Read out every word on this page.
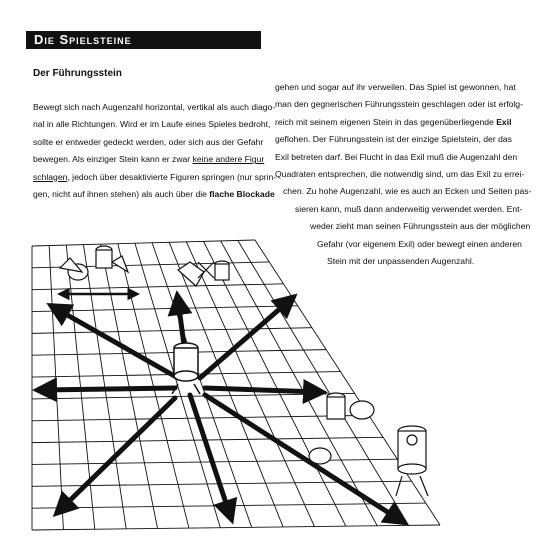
Die Spielsteine
Der Führungsstein

Bewegt sich nach Augenzahl horizontal, vertikal als auch diago-

nal in alle Richtungen. Wird er im Laufe eines Spieles bedroht,

sollte er entweder gedeckt werden, oder sich aus der Gefahr

bewegen. Als einziger Stein kann er zwar keine andere Figur

schlagen, jedoch über desaktivierte Figuren springen (nur sprin-

gen, nicht auf ihnen stehen) als auch über die flache Blockade

gehen und sogar auf ihr verweilen. Das Spiel ist gewonnen, hat
man den gegnerischen Führungsstein geschlagen oder ist erfolg-
reich mit seinem eigenen Stein in das gegenüberliegende Exil
geflohen. Der Führungsstein ist der einzige Spielstein, der das
Exil betreten darf. Bei Flucht in das Exil muß die Augenzahl den
Quadraten entsprechen, die notwendig sind, um das Exil zu errei-
chen. Zu hohe Augenzahl, wie es auch an Ecken und Seiten pas-
sieren kann, muß dann anderweitig verwendet werden. Ent-
weder zieht man seinen Führungsstein aus der möglichen
Gefahr (vor eigenem Exil) oder bewegt einen anderen
Stein mit der unpassenden Augenzahl.
